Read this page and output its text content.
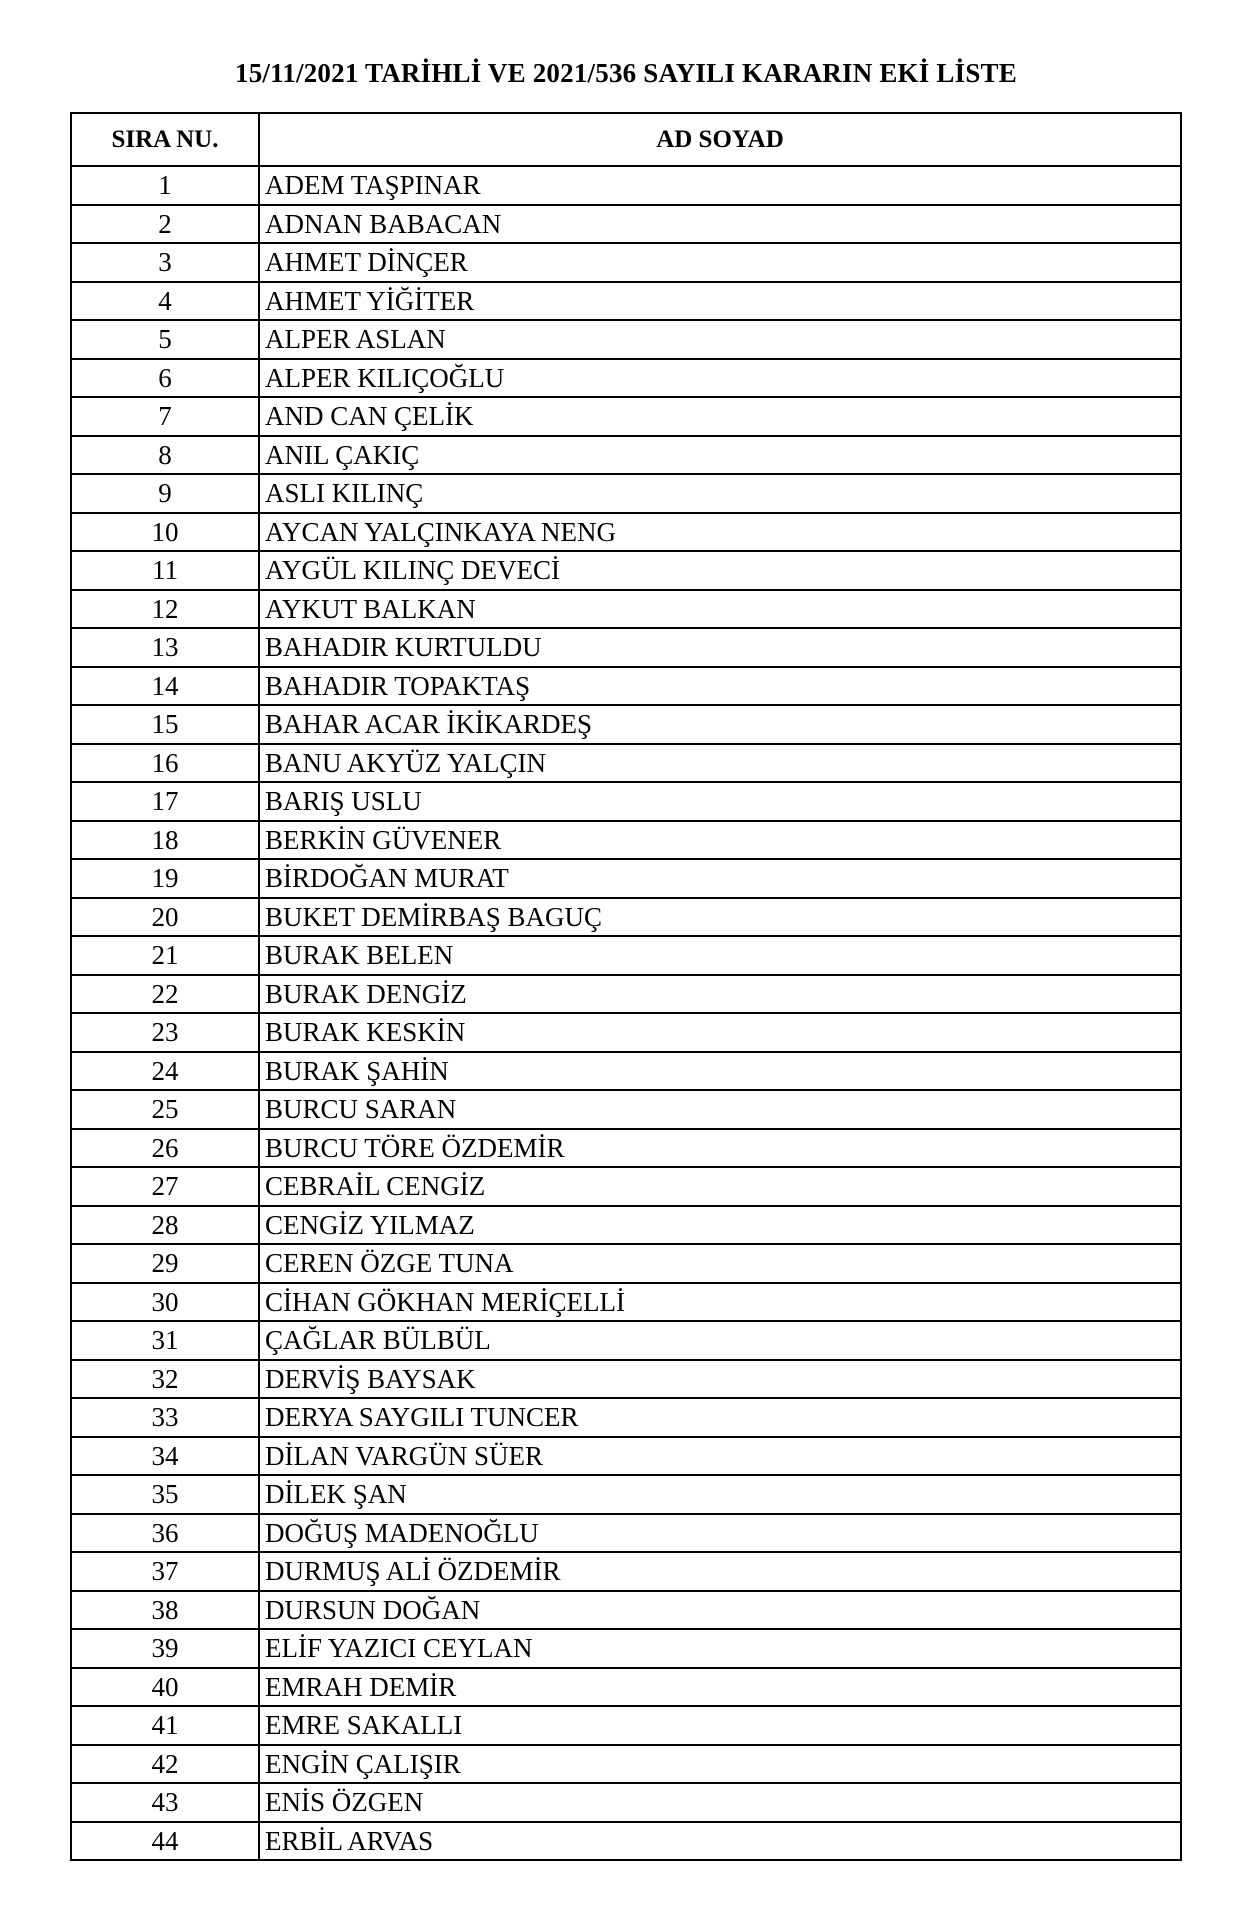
15/11/2021 TARİHLİ VE 2021/536 SAYILI KARARIN EKİ LİSTE
SIRA NU.	AD SOYAD
1	ADEM TAŞPINAR
2	ADNAN BABACAN
3	AHMET DİNÇER
4	AHMET YİĞİTER
5	ALPER ASLAN
6	ALPER KILIÇOĞLU
7	AND CAN ÇELİK
8	ANIL ÇAKIÇ
9	ASLI KILINÇ
10	AYCAN YALÇINKAYA NENG
11	AYGÜL KILINÇ DEVECİ
12	AYKUT BALKAN
13	BAHADIR KURTULDU
14	BAHADIR TOPAKTAŞ
15	BAHAR ACAR İKİKARDEŞ
16	BANU AKYÜZ YALÇIN
17	BARIŞ USLU
18	BERKİN GÜVENER
19	BİRDOĞAN MURAT
20	BUKET DEMİRBAŞ BAGUÇ
21	BURAK BELEN
22	BURAK DENGİZ
23	BURAK KESKİN
24	BURAK ŞAHİN
25	BURCU SARAN
26	BURCU TÖRE ÖZDEMİR
27	CEBRAİL CENGİZ
28	CENGİZ YILMAZ
29	CEREN ÖZGE TUNA
30	CİHAN GÖKHAN MERİÇELLİ
31	ÇAĞLAR BÜLBÜL
32	DERVİŞ BAYSAK
33	DERYA SAYGILI TUNCER
34	DİLAN VARGÜN SÜER
35	DİLEK ŞAN
36	DOĞUŞ MADENOĞLU
37	DURMUŞ ALİ ÖZDEMİR
38	DURSUN DOĞAN
39	ELİF YAZICI CEYLAN
40	EMRAH DEMİR
41	EMRE SAKALLI
42	ENGİN ÇALIŞIR
43	ENİS ÖZGEN
44	ERBİL ARVAS
